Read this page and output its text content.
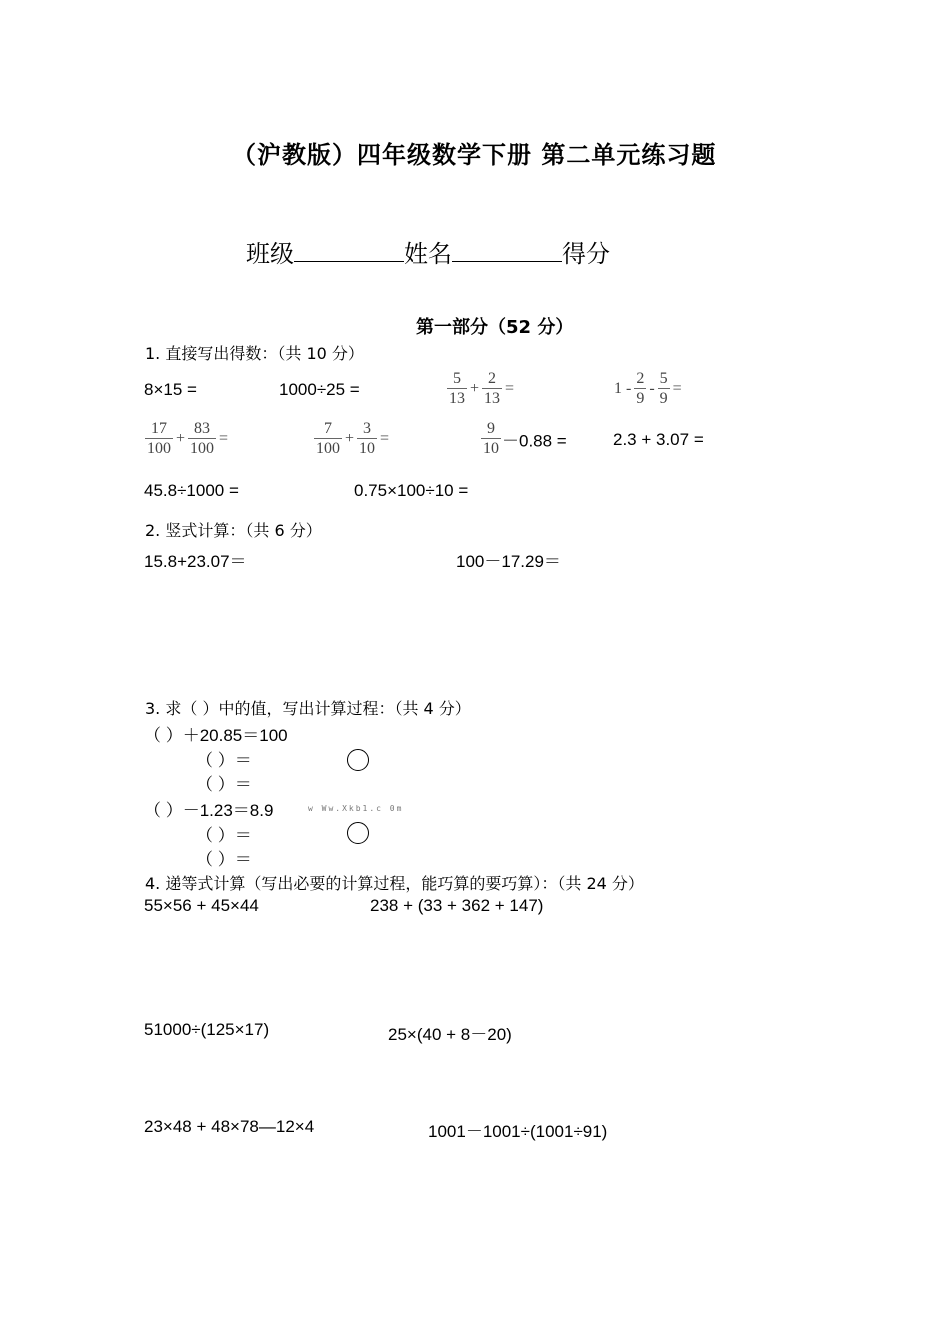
（沪教版）四年级数学下册 第二单元练习题
班级	姓名	得分
第一部分（52 分）
1. 直接写出得数：（共 10 分）
8×15 =	1000÷25 =	$\frac{5}{13} + \frac{2}{13}$ =	$1 - \frac{2}{9} - \frac{5}{9}$ =
$\frac{17}{100} + \frac{83}{100}$ =	$\frac{7}{100} + \frac{3}{10}$ =	$\frac{9}{10} -0.88$ =	2.3 + 3.07 =
45.8÷1000 =	0.75×100÷10 =
2. 竖式计算：（共 6 分）
15.8+23.07＝	100－17.29＝
3. 求（ ）中的值，写出计算过程：（共 4 分）
（ ）＋20.85＝100
（ ）＝
（ ）＝
（ ）－1.23＝8.9	w Ww.Xkb1.c 0m
（ ）＝
（ ）＝
4. 递等式计算（写出必要的计算过程，能巧算的要巧算）：（共 24 分）
55×56 + 45×44	238 + (33 + 362 + 147)
51000÷(125×17)	25×(40 + 8－20)
23×48 + 48×78—12×4	1001－1001÷(1001÷91)
